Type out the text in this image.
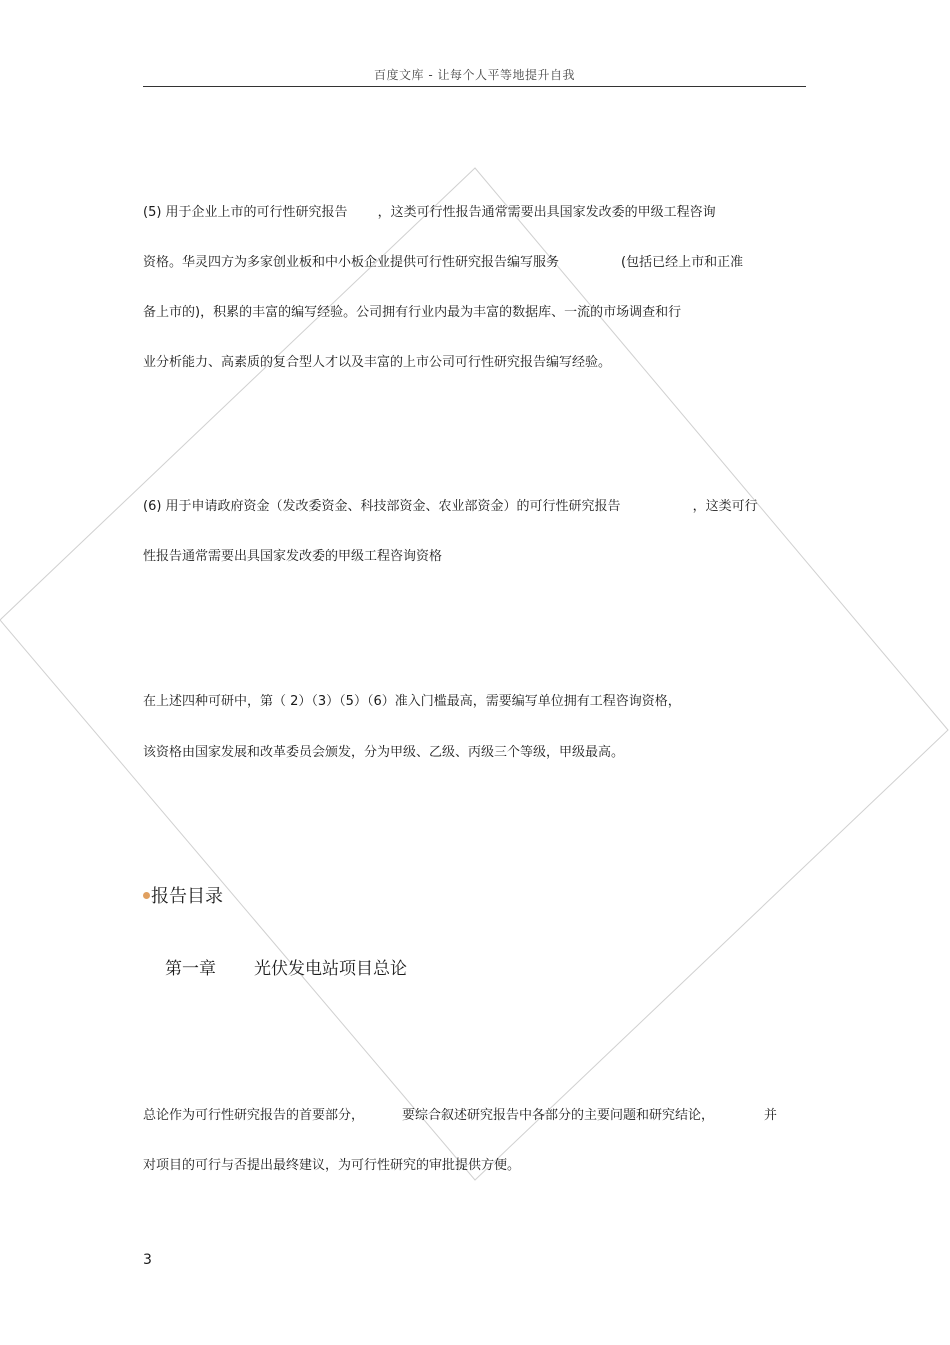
百度文库 - 让每个人平等地提升自我
(5) 用于企业上市的可行性研究报告 ，这类可行性报告通常需要出具国家发改委的甲级工程咨询
资格。华灵四方为多家创业板和中小板企业提供可行性研究报告编写服务	(包括已经上市和正准
备上市的)，积累的丰富的编写经验。公司拥有行业内最为丰富的数据库、一流的市场调查和行
业分析能力、高素质的复合型人才以及丰富的上市公司可行性研究报告编写经验。
(6) 用于申请政府资金（发改委资金、科技部资金、农业部资金）的可行性研究报告	，这类可行
性报告通常需要出具国家发改委的甲级工程咨询资格
在上述四种可研中，第（ 2）（3）（5）（6）准入门槛最高，需要编写单位拥有工程咨询资格，
该资格由国家发展和改革委员会颁发，分为甲级、乙级、丙级三个等级，甲级最高。
报告目录
第一章 光伏发电站项目总论
总论作为可行性研究报告的首要部分，	要综合叙述研究报告中各部分的主要问题和研究结论，	并
对项目的可行与否提出最终建议，为可行性研究的审批提供方便。
3
